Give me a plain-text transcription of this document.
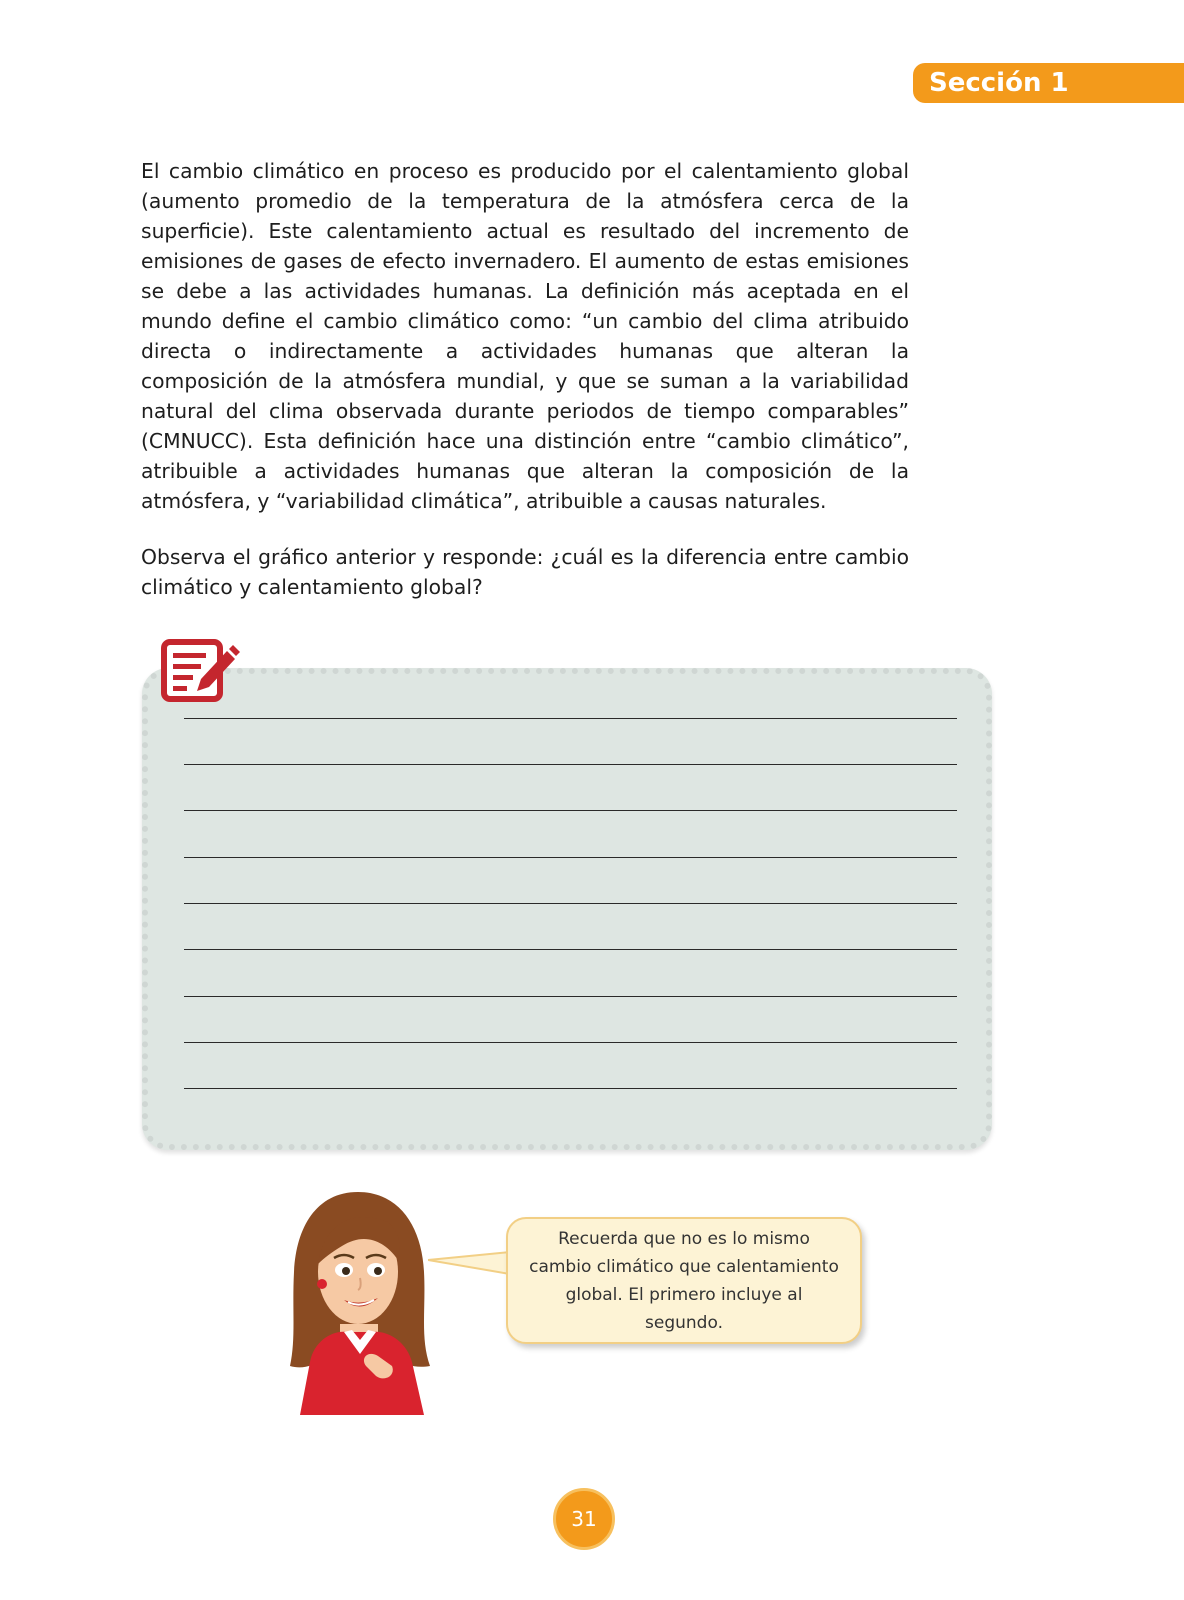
Sección 1

El cambio climático en proceso es producido por el calentamiento global (aumento promedio de la temperatura de la atmósfera cerca de la superficie). Este calentamiento actual es resultado del incremento de emisiones de gases de efecto invernadero. El aumento de estas emisiones se debe a las actividades humanas. La definición más aceptada en el mundo define el cambio climático como: “un cambio del clima atribuido directa o indirectamente a actividades humanas que alteran la composición de la atmósfera mundial, y que se suman a la variabilidad natural del clima observada durante periodos de tiempo comparables” (CMNUCC). Esta definición hace una distinción entre “cambio climático”, atribuible a actividades humanas que alteran la composición de la atmósfera, y “variabilidad climática”, atribuible a causas naturales.

Observa el gráfico anterior y responde: ¿cuál es la diferencia entre cambio climático y calentamiento global?

Recuerda que no es lo mismo cambio climático que calentamiento global. El primero incluye al segundo.
31
